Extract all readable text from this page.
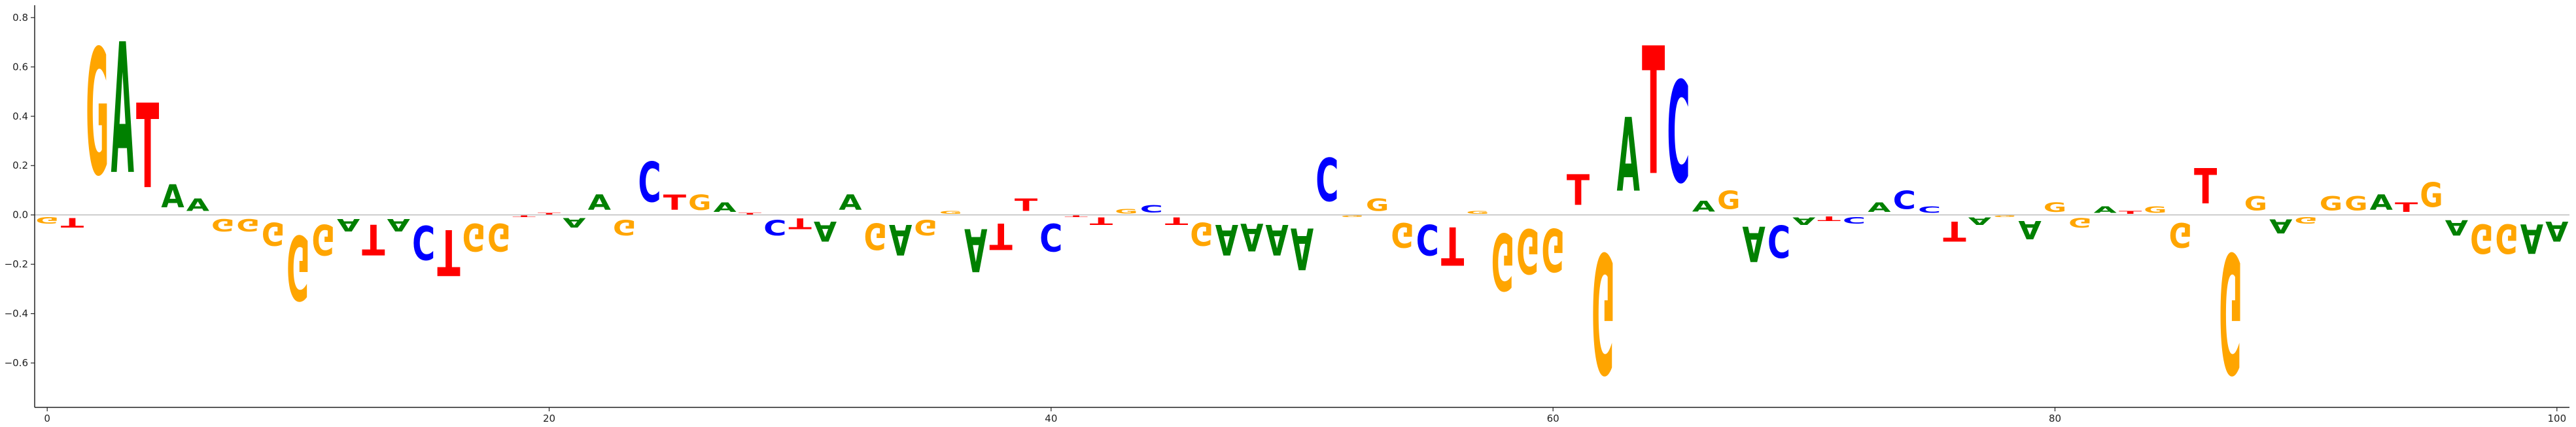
G T
G A T A A
G G G G G A T A C T G G T
T
A
A
G
C T G A T
C T A
A
G A G
G
A T
T
C T T
G C
T G A A A A
C
G
G
G C T
G
G G G
T
G
A T C A G
A C A T C
A C C
T A G A
G
G
A T G
G
T
G
G
A G
G G A T G
A G G A A
−0.6
−0.4
−0.2
0.0
0.2
0.4
0.6
0.8
0	20	40	60	80	100
